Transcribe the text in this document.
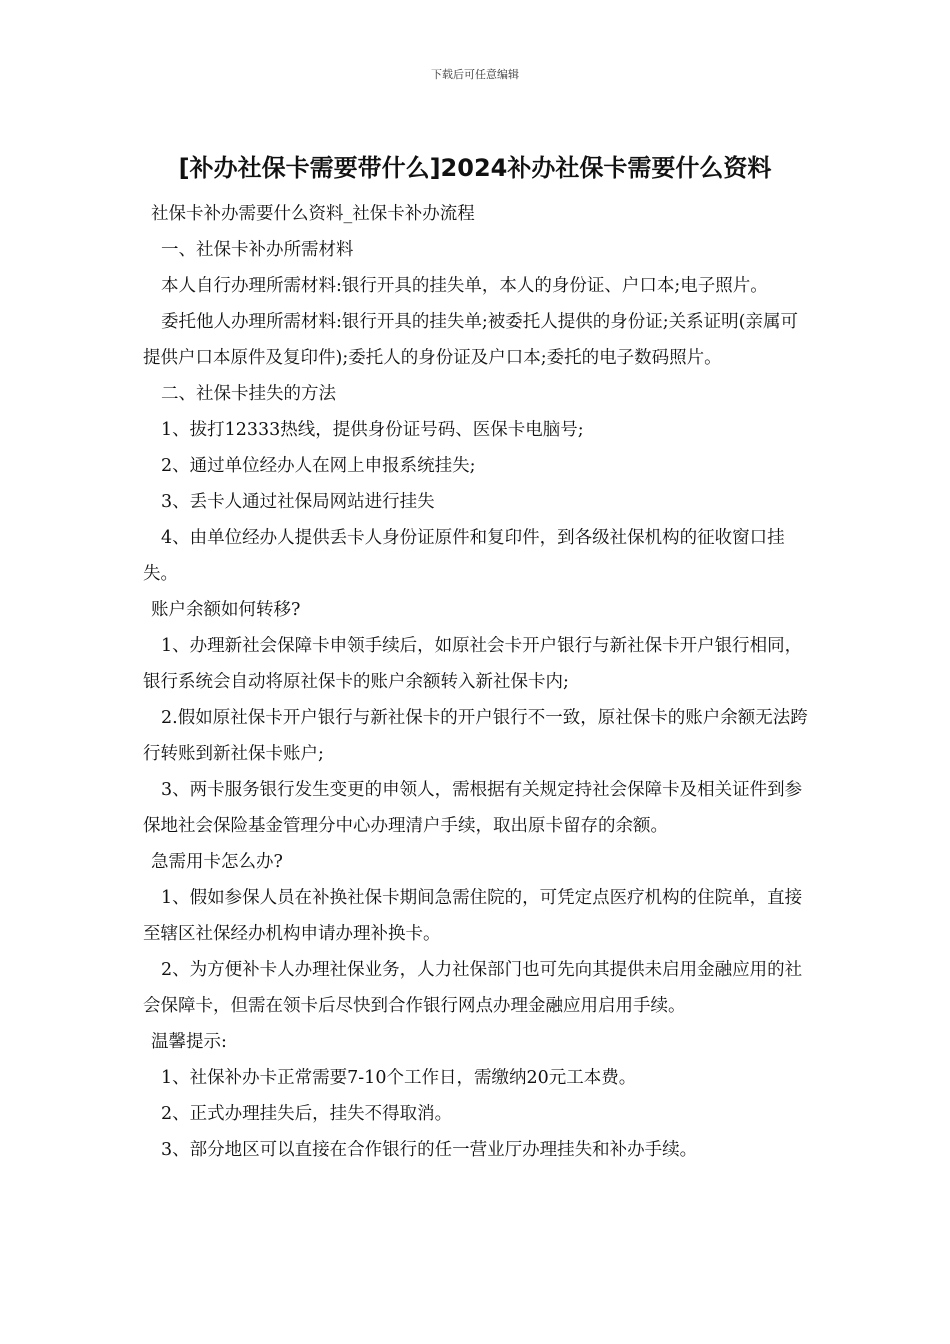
下载后可任意编辑
[补办社保卡需要带什么]2024补办社保卡需要什么资料

社保卡补办需要什么资料_社保卡补办流程

一、社保卡补办所需材料

本人自行办理所需材料:银行开具的挂失单，本人的身份证、户口本;电子照片。

委托他人办理所需材料:银行开具的挂失单;被委托人提供的身份证;关系证明(亲属可提供户口本原件及复印件);委托人的身份证及户口本;委托的电子数码照片。

二、社保卡挂失的方法

1、拔打12333热线，提供身份证号码、医保卡电脑号;

2、通过单位经办人在网上申报系统挂失;

3、丢卡人通过社保局网站进行挂失

4、由单位经办人提供丢卡人身份证原件和复印件，到各级社保机构的征收窗口挂失。

账户余额如何转移?

1、办理新社会保障卡申领手续后，如原社会卡开户银行与新社保卡开户银行相同，银行系统会自动将原社保卡的账户余额转入新社保卡内;

2.假如原社保卡开户银行与新社保卡的开户银行不一致，原社保卡的账户余额无法跨行转账到新社保卡账户;

3、两卡服务银行发生变更的申领人，需根据有关规定持社会保障卡及相关证件到参保地社会保险基金管理分中心办理清户手续，取出原卡留存的余额。

急需用卡怎么办?

1、假如参保人员在补换社保卡期间急需住院的，可凭定点医疗机构的住院单，直接至辖区社保经办机构申请办理补换卡。

2、为方便补卡人办理社保业务，人力社保部门也可先向其提供未启用金融应用的社会保障卡，但需在领卡后尽快到合作银行网点办理金融应用启用手续。

温馨提示:

1、社保补办卡正常需要7-10个工作日，需缴纳20元工本费。

2、正式办理挂失后，挂失不得取消。

3、部分地区可以直接在合作银行的任一营业厅办理挂失和补办手续。
